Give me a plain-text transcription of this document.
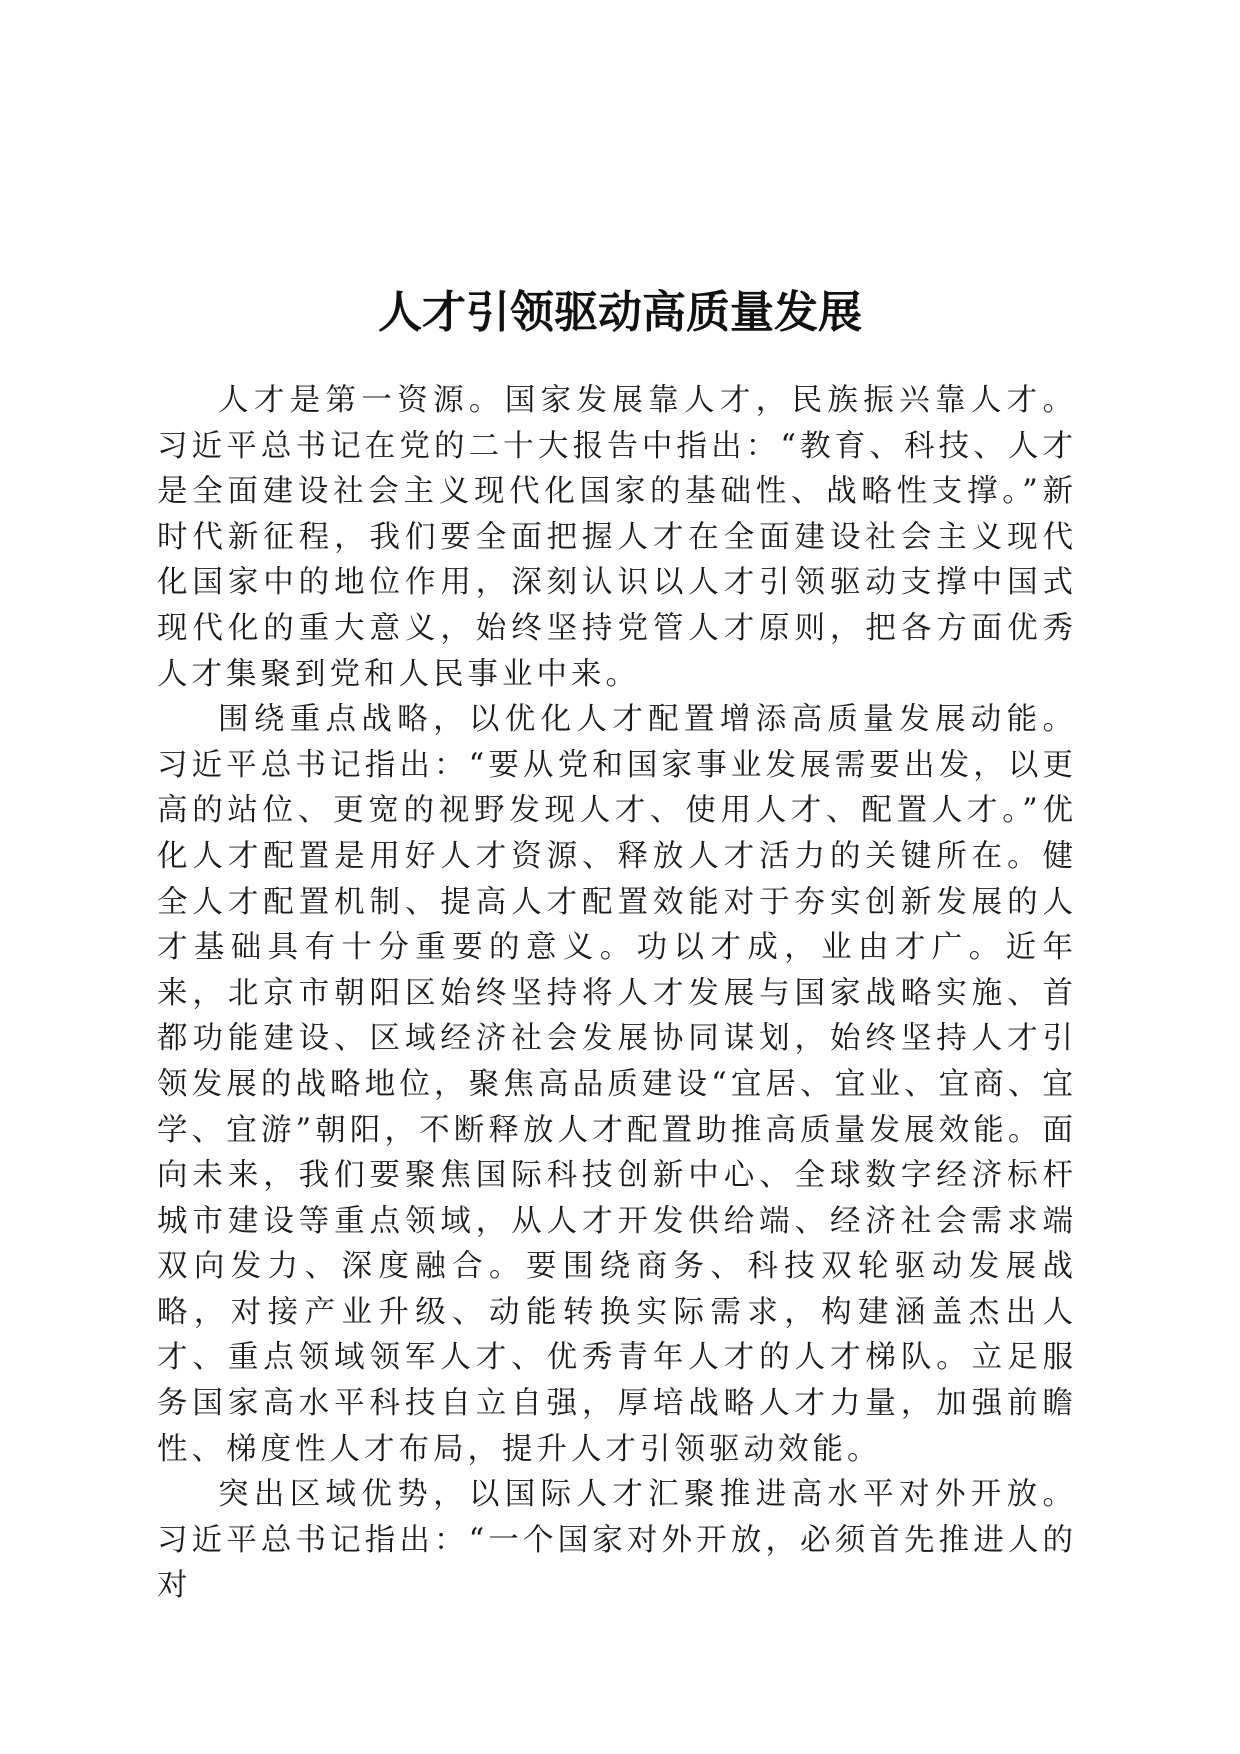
人才引领驱动高质量发展

人才是第一资源。国家发展靠人才，民族振兴靠人才。习近平总书记在党的二十大报告中指出：“教育、科技、人才是全面建设社会主义现代化国家的基础性、战略性支撑。”新时代新征程，我们要全面把握人才在全面建设社会主义现代化国家中的地位作用，深刻认识以人才引领驱动支撑中国式现代化的重大意义，始终坚持党管人才原则，把各方面优秀人才集聚到党和人民事业中来。

围绕重点战略，以优化人才配置增添高质量发展动能。习近平总书记指出：“要从党和国家事业发展需要出发，以更高的站位、更宽的视野发现人才、使用人才、配置人才。”优化人才配置是用好人才资源、释放人才活力的关键所在。健全人才配置机制、提高人才配置效能对于夯实创新发展的人才基础具有十分重要的意义。功以才成，业由才广。近年来，北京市朝阳区始终坚持将人才发展与国家战略实施、首都功能建设、区域经济社会发展协同谋划，始终坚持人才引领发展的战略地位，聚焦高品质建设“宜居、宜业、宜商、宜学、宜游”朝阳，不断释放人才配置助推高质量发展效能。面向未来，我们要聚焦国际科技创新中心、全球数字经济标杆城市建设等重点领域，从人才开发供给端、经济社会需求端双向发力、深度融合。要围绕商务、科技双轮驱动发展战略，对接产业升级、动能转换实际需求，构建涵盖杰出人才、重点领域领军人才、优秀青年人才的人才梯队。立足服务国家高水平科技自立自强，厚培战略人才力量，加强前瞻性、梯度性人才布局，提升人才引领驱动效能。

突出区域优势，以国际人才汇聚推进高水平对外开放。习近平总书记指出：“一个国家对外开放，必须首先推进人的对
